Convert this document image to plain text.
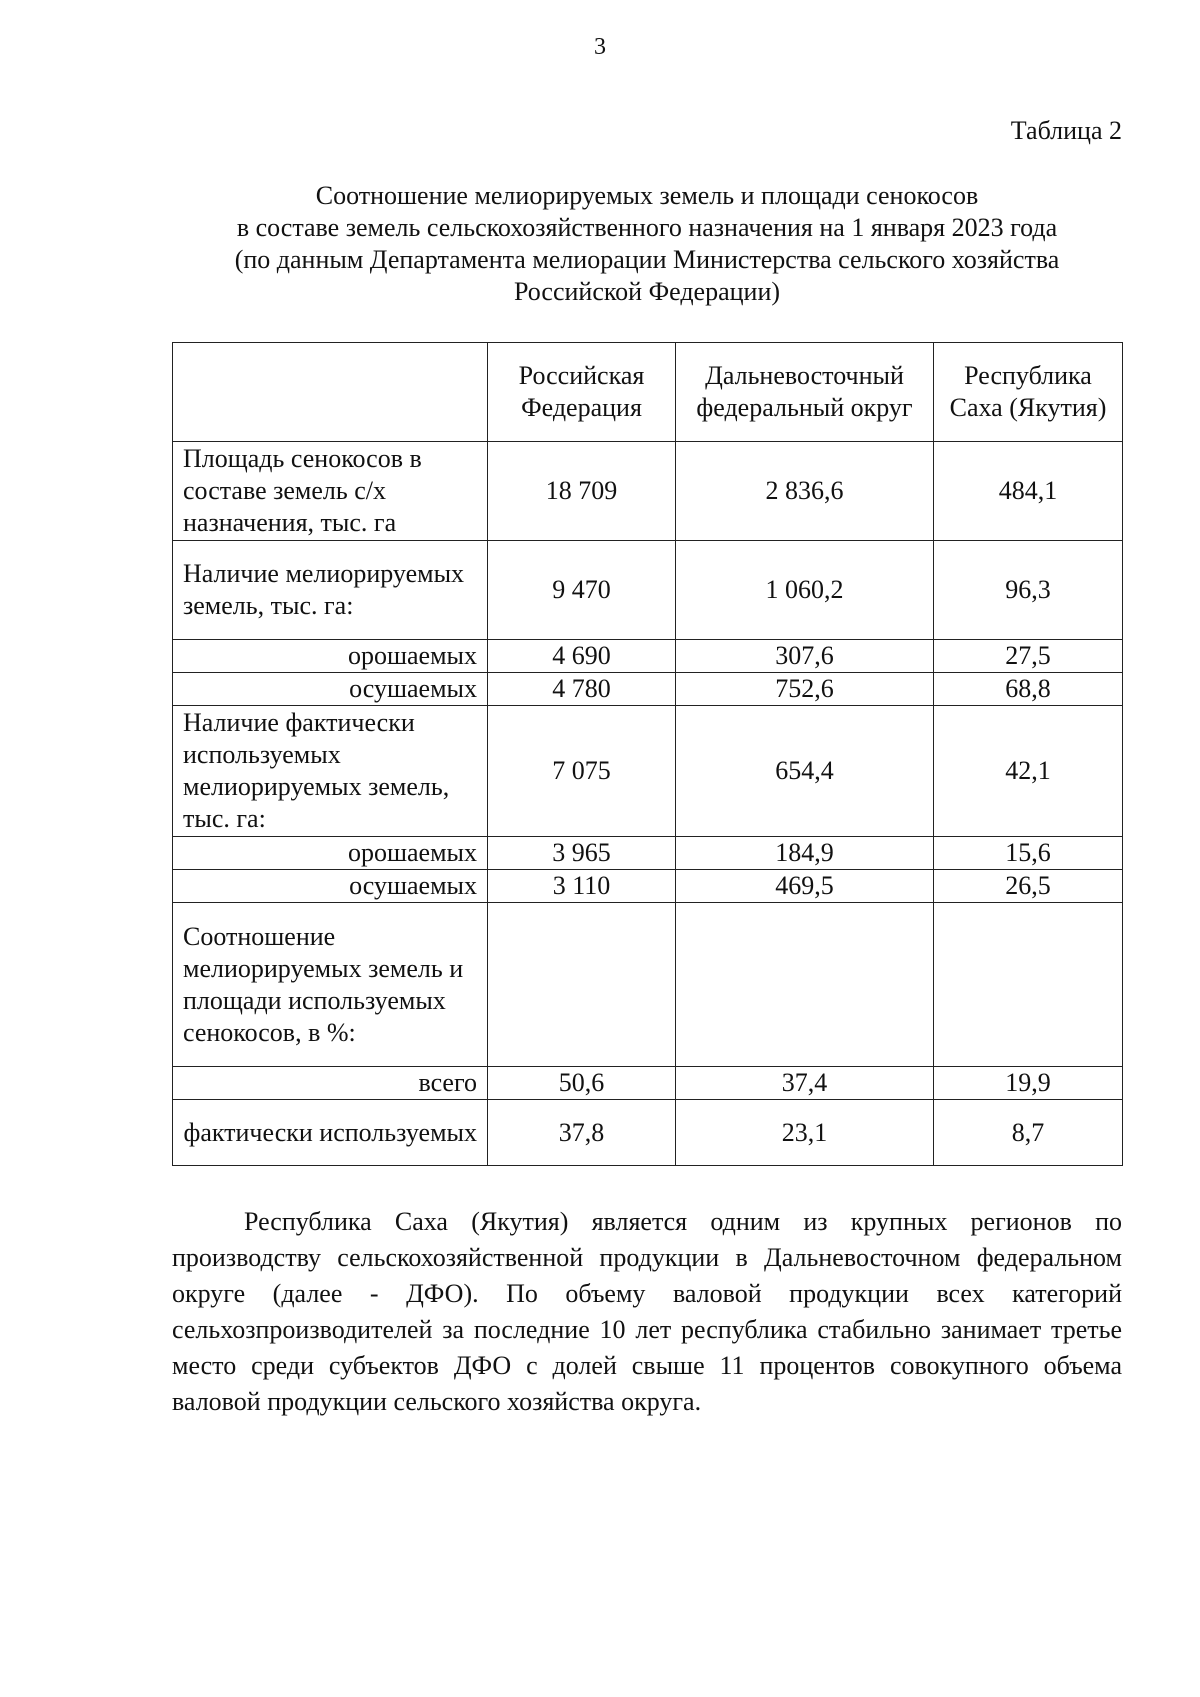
3
Таблица 2
Соотношение мелиорируемых земель и площади сенокосов
в составе земель сельскохозяйственного назначения на 1 января 2023 года
(по данным Департамента мелиорации Министерства сельского хозяйства
Российской Федерации)
	Российская Федерация	Дальневосточный федеральный округ	Республика Саха (Якутия)
Площадь сенокосов в составе земель с/х назначения, тыс. га	18 709	2 836,6	484,1
Наличие мелиорируемых земель, тыс. га:	9 470	1 060,2	96,3
орошаемых	4 690	307,6	27,5
осушаемых	4 780	752,6	68,8
Наличие фактически используемых мелиорируемых земель, тыс. га:	7 075	654,4	42,1
орошаемых	3 965	184,9	15,6
осушаемых	3 110	469,5	26,5
Соотношение мелиорируемых земель и площади используемых сенокосов, в %:			
всего	50,6	37,4	19,9
фактически используемых	37,8	23,1	8,7

Республика Саха (Якутия) является одним из крупных регионов по производству сельскохозяйственной продукции в Дальневосточном федеральном округе (далее - ДФО). По объему валовой продукции всех категорий сельхозпроизводителей за последние 10 лет республика стабильно занимает третье место среди субъектов ДФО с долей свыше 11 процентов совокупного объема валовой продукции сельского хозяйства округа.
